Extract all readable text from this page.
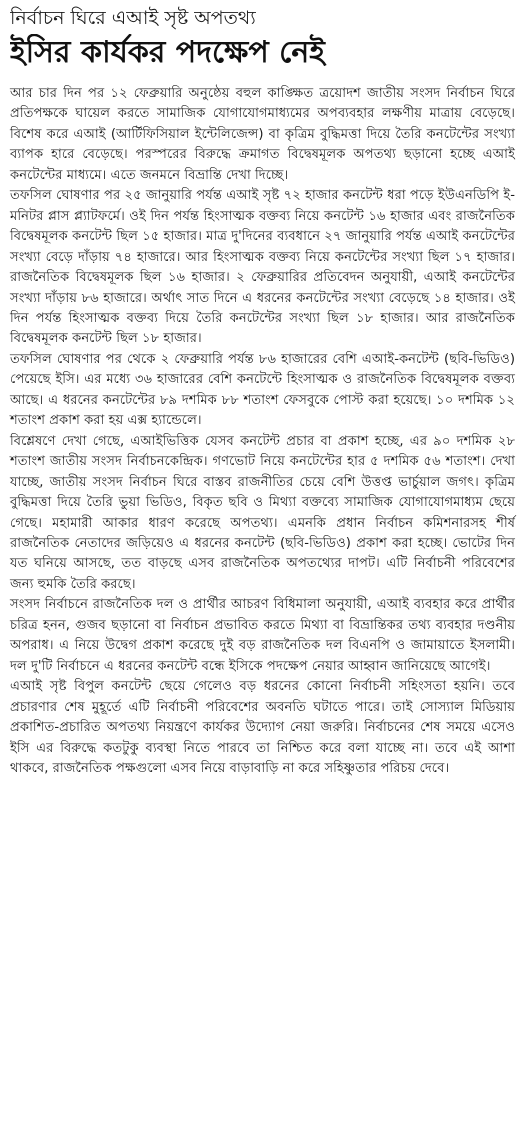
নির্বাচন ঘিরে এআই সৃষ্ট অপতথ্য
ইসির কার্যকর পদক্ষেপ নেই

আর চার দিন পর ১২ ফেব্রুয়ারি অনুষ্ঠেয় বহুল কাঙ্ক্ষিত ত্রয়োদশ জাতীয় সংসদ নির্বাচন ঘিরে প্রতিপক্ষকে ঘায়েল করতে সামাজিক যোগাযোগমাধ্যমের অপব্যবহার লক্ষণীয় মাত্রায় বেড়েছে। বিশেষ করে এআই (আর্টিফিসিয়াল ইন্টেলিজেন্স) বা কৃত্রিম বুদ্ধিমত্তা দিয়ে তৈরি কনটেন্টের সংখ্যা ব্যাপক হারে বেড়েছে। পরস্পরের বিরুদ্ধে ক্রমাগত বিদ্বেষমূলক অপতথ্য ছড়ানো হচ্ছে এআই কনটেন্টের মাধ্যমে। এতে জনমনে বিভ্রান্তি দেখা দিচ্ছে।

তফসিল ঘোষণার পর ২৫ জানুয়ারি পর্যন্ত এআই সৃষ্ট ৭২ হাজার কনটেন্ট ধরা পড়ে ইউএনডিপি ই-মনিটর প্লাস প্ল্যাটফর্মে। ওই দিন পর্যন্ত হিংসাত্মক বক্তব্য নিয়ে কনটেন্ট ১৬ হাজার এবং রাজনৈতিক বিদ্বেষমূলক কনটেন্ট ছিল ১৫ হাজার। মাত্র দু'দিনের ব্যবধানে ২৭ জানুয়ারি পর্যন্ত এআই কনটেন্টের সংখ্যা বেড়ে দাঁড়ায় ৭৪ হাজারে। আর হিংসাত্মক বক্তব্য নিয়ে কনটেন্টের সংখ্যা ছিল ১৭ হাজার। রাজনৈতিক বিদ্বেষমূলক ছিল ১৬ হাজার। ২ ফেব্রুয়ারির প্রতিবেদন অনুযায়ী, এআই কনটেন্টের সংখ্যা দাঁড়ায় ৮৬ হাজারে। অর্থাৎ সাত দিনে এ ধরনের কনটেন্টের সংখ্যা বেড়েছে ১৪ হাজার। ওই দিন পর্যন্ত হিংসাত্মক বক্তব্য দিয়ে তৈরি কনটেন্টের সংখ্যা ছিল ১৮ হাজার। আর রাজনৈতিক বিদ্বেষমূলক কনটেন্ট ছিল ১৮ হাজার।

তফসিল ঘোষণার পর থেকে ২ ফেব্রুয়ারি পর্যন্ত ৮৬ হাজারের বেশি এআই-কনটেন্ট (ছবি-ভিডিও) পেয়েছে ইসি। এর মধ্যে ৩৬ হাজারের বেশি কনটেন্টে হিংসাত্মক ও রাজনৈতিক বিদ্বেষমূলক বক্তব্য আছে। এ ধরনের কনটেন্টের ৮৯ দশমিক ৮৮ শতাংশ ফেসবুকে পোস্ট করা হয়েছে। ১০ দশমিক ১২ শতাংশ প্রকাশ করা হয় এক্স হ্যান্ডেলে।

বিশ্লেষণে দেখা গেছে, এআইভিত্তিক যেসব কনটেন্ট প্রচার বা প্রকাশ হচ্ছে, এর ৯০ দশমিক ২৮ শতাংশ জাতীয় সংসদ নির্বাচনকেন্দ্রিক। গণভোট নিয়ে কনটেন্টের হার ৫ দশমিক ৫৬ শতাংশ। দেখা যাচ্ছে, জাতীয় সংসদ নির্বাচন ঘিরে বাস্তব রাজনীতির চেয়ে বেশি উত্তপ্ত ভার্চুয়াল জগৎ। কৃত্রিম বুদ্ধিমত্তা দিয়ে তৈরি ভুয়া ভিডিও, বিকৃত ছবি ও মিথ্যা বক্তব্যে সামাজিক যোগাযোগমাধ্যম ছেয়ে গেছে। মহামারী আকার ধারণ করেছে অপতথ্য। এমনকি প্রধান নির্বাচন কমিশনারসহ শীর্ষ রাজনৈতিক নেতাদের জড়িয়েও এ ধরনের কনটেন্ট (ছবি-ভিডিও) প্রকাশ করা হচ্ছে। ভোটের দিন যত ঘনিয়ে আসছে, তত বাড়ছে এসব রাজনৈতিক অপতথ্যের দাপট। এটি নির্বাচনী পরিবেশের জন্য হুমকি তৈরি করছে।

সংসদ নির্বাচনে রাজনৈতিক দল ও প্রার্থীর আচরণ বিধিমালা অনুযায়ী, এআই ব্যবহার করে প্রার্থীর চরিত্র হনন, গুজব ছড়ানো বা নির্বাচন প্রভাবিত করতে মিথ্যা বা বিভ্রান্তিকর তথ্য ব্যবহার দণ্ডনীয় অপরাধ। এ নিয়ে উদ্বেগ প্রকাশ করেছে দুই বড় রাজনৈতিক দল বিএনপি ও জামায়াতে ইসলামী। দল দু'টি নির্বাচনে এ ধরনের কনটেন্ট বন্ধে ইসিকে পদক্ষেপ নেয়ার আহ্বান জানিয়েছে আগেই।

এআই সৃষ্ট বিপুল কনটেন্ট ছেয়ে গেলেও বড় ধরনের কোনো নির্বাচনী সহিংসতা হয়নি। তবে প্রচারণার শেষ মুহূর্তে এটি নির্বাচনী পরিবেশের অবনতি ঘটাতে পারে। তাই সোস্যাল মিডিয়ায় প্রকাশিত-প্রচারিত অপতথ্য নিয়ন্ত্রণে কার্যকর উদ্যোগ নেয়া জরুরি। নির্বাচনের শেষ সময়ে এসেও ইসি এর বিরুদ্ধে কতটুকু ব্যবস্থা নিতে পারবে তা নিশ্চিত করে বলা যাচ্ছে না। তবে এই আশা থাকবে, রাজনৈতিক পক্ষগুলো এসব নিয়ে বাড়াবাড়ি না করে সহিষ্ণুতার পরিচয় দেবে।
